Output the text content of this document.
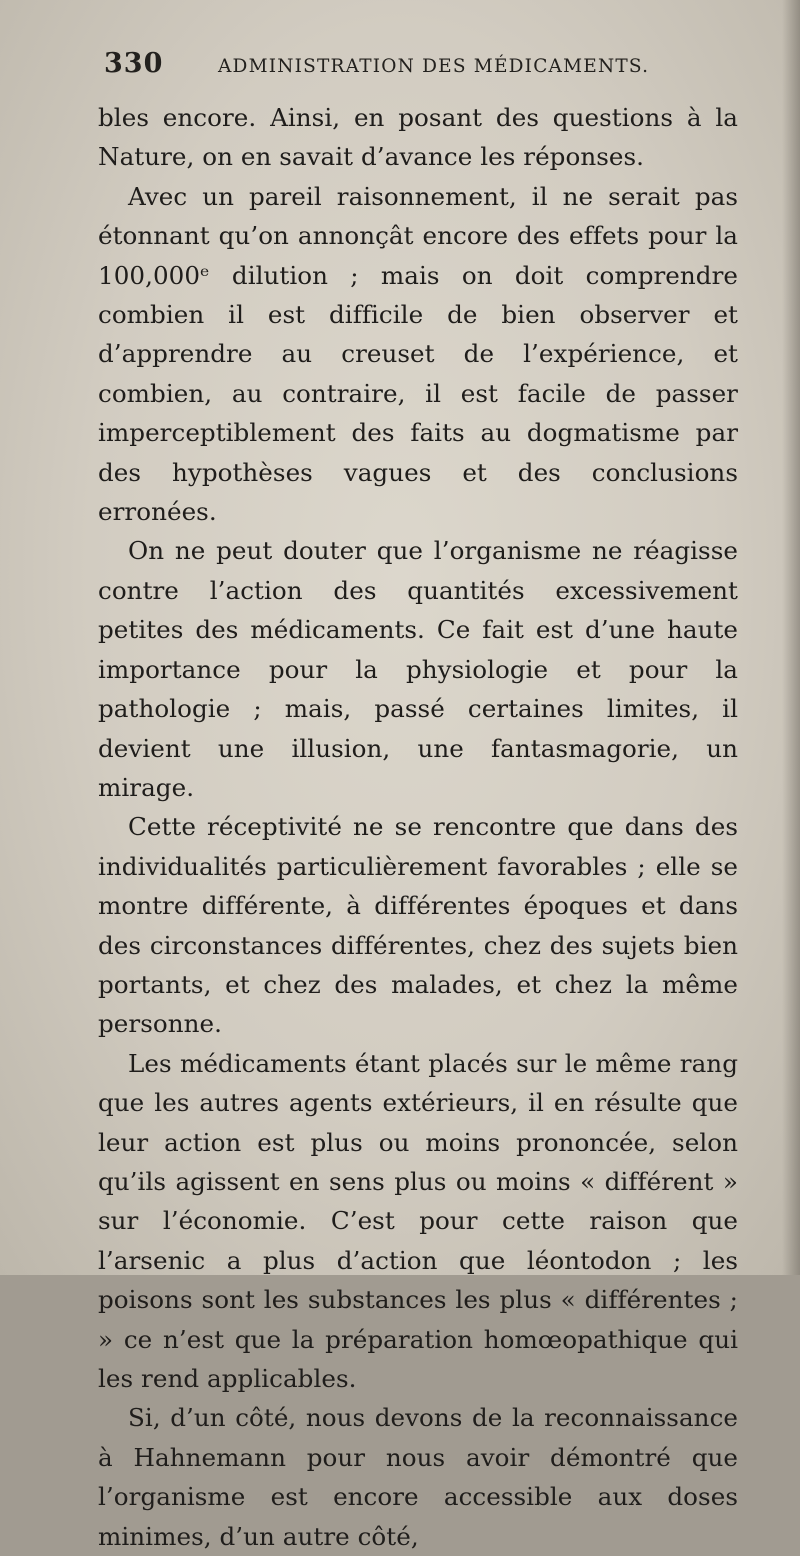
330	ADMINISTRATION DES MÉDICAMENTS.

bles encore. Ainsi, en posant des questions à la Nature, on en savait d’avance les réponses.

Avec un pareil raisonnement, il ne serait pas étonnant qu’on annonçât encore des effets pour la 100,000ᵉ dilution ; mais on doit comprendre combien il est difficile de bien observer et d’apprendre au creuset de l’expérience, et combien, au contraire, il est facile de passer imperceptiblement des faits au dogmatisme par des hypothèses vagues et des conclusions erronées.

On ne peut douter que l’organisme ne réagisse contre l’action des quantités excessivement petites des médicaments. Ce fait est d’une haute importance pour la physiologie et pour la pathologie ; mais, passé certaines limites, il devient une illusion, une fantasmagorie, un mirage.

Cette réceptivité ne se rencontre que dans des individualités particulièrement favorables ; elle se montre différente, à différentes époques et dans des circonstances différentes, chez des sujets bien portants, et chez des malades, et chez la même personne.

Les médicaments étant placés sur le même rang que les autres agents extérieurs, il en résulte que leur action est plus ou moins prononcée, selon qu’ils agissent en sens plus ou moins « différent » sur l’économie. C’est pour cette raison que l’arsenic a plus d’action que léontodon ; les poisons sont les substances les plus « différentes ; » ce n’est que la préparation homœopathique qui les rend applicables.

Si, d’un côté, nous devons de la reconnaissance à Hahnemann pour nous avoir démontré que l’organisme est encore accessible aux doses minimes, d’un autre côté,
